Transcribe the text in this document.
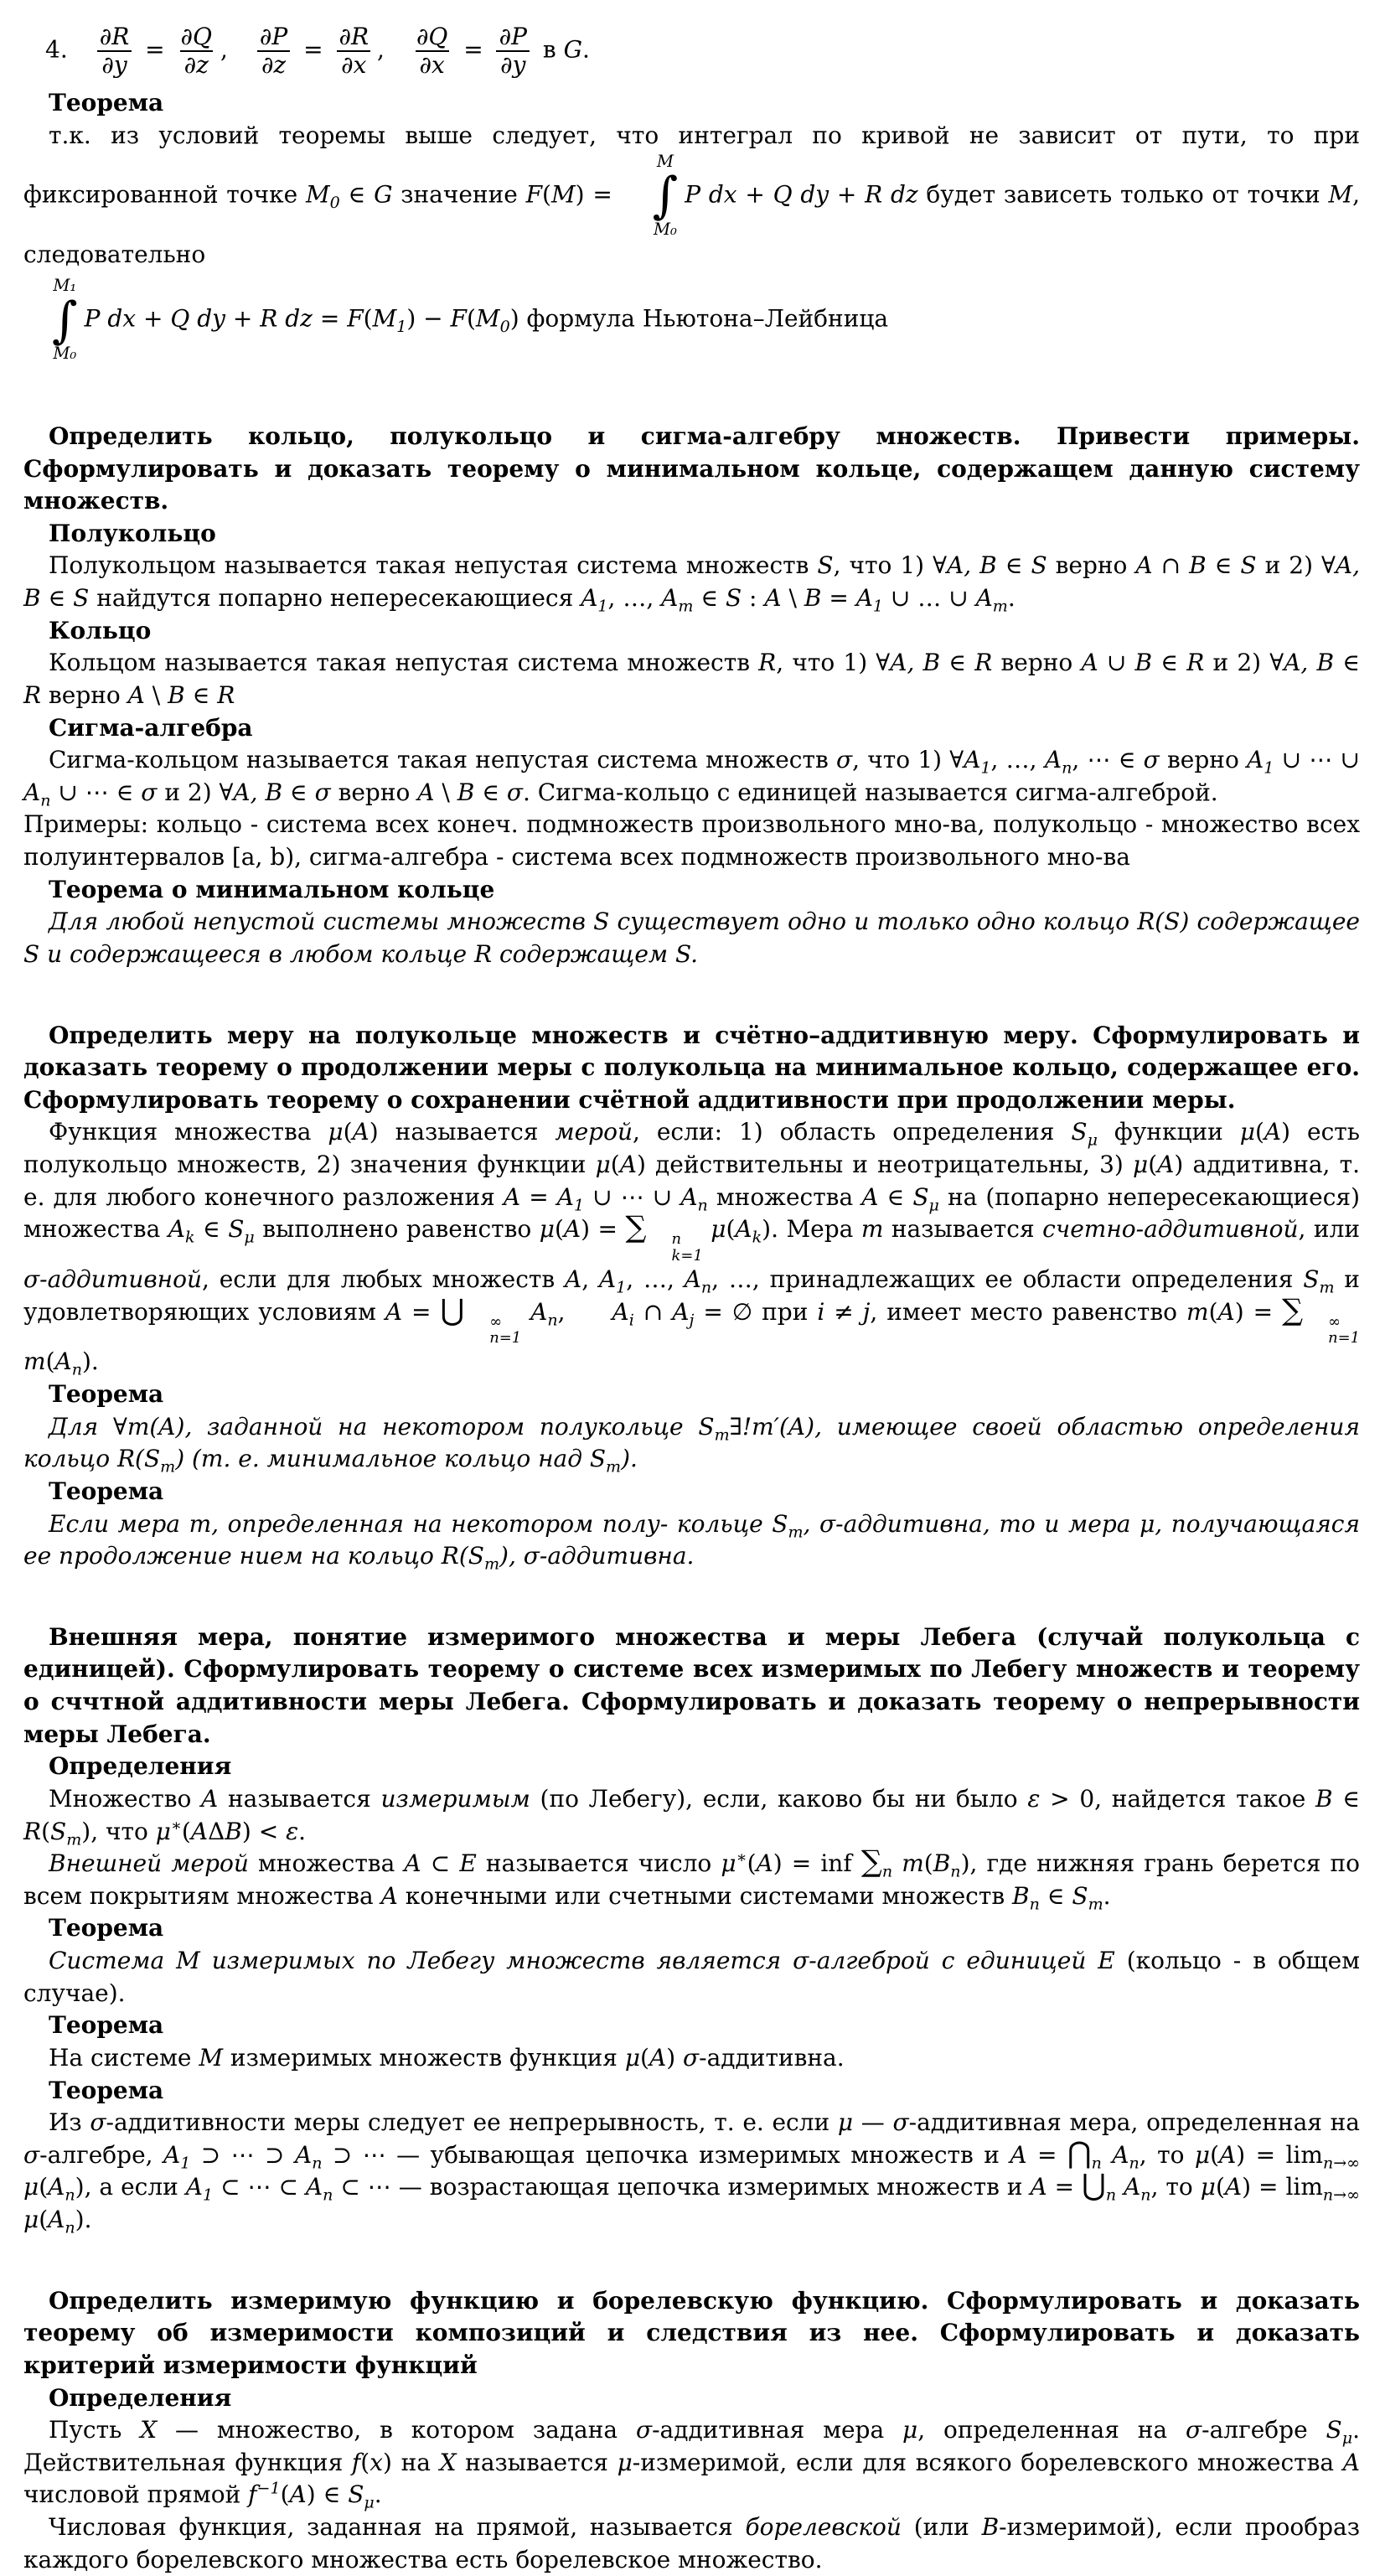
4.   $\frac{\partial R}{\partial y} = \frac{\partial Q}{\partial z}$ ,  $\frac{\partial P}{\partial z} = \frac{\partial R}{\partial x}$ ,  $\frac{\partial Q}{\partial x} = \frac{\partial P}{\partial y}$ в G.
Теорема
т.к. из условий теоремы выше следует, что интеграл по кривой не зависит от пути, то при фиксированной точке $M_0$ ∈ G значение F(M) =
M
∫
M₀
P dx + Q dy + R dz будет зависеть только от точки M, следовательно
M₁
∫
M₀
P dx + Q dy + R dz = $F(M_1) - F(M_0)$ формула Ньютона–Лейбница
Определить кольцо, полукольцо и сигма-алгебру множеств. Привести примеры. Сформулировать и доказать теорему о минимальном кольце, содержащем данную систему множеств.
Полукольцо
Полукольцом называется такая непустая система множеств S, что 1) ∀A, B ∈ S верно A ∩ B ∈ S и 2) ∀A, B ∈ S найдутся попарно непересекающиеся $A_1$, …, $A_m$ ∈ S : A \ $B = A_1$ ∪ … ∪ $A_m$.
Кольцо
Кольцом называется такая непустая система множеств R, что 1) ∀A, B ∈ R верно A ∪ B ∈ R и 2) ∀A, B ∈ R верно A \ B ∈ R
Сигма-алгебра
Сигма-кольцом называется такая непустая система множеств σ, что 1) $\forall A_1$, …, $A_n$, ⋯ ∈ σ верно $A_1$ ∪ ⋯ ∪ $A_n$ ∪ ⋯ ∈ σ и 2) ∀A, B ∈ σ верно A \ B ∈ σ. Сигма-кольцо с единицей называется сигма-алгеброй.
Примеры: кольцо - система всех конеч. подмножеств произвольного мно-ва, полукольцо - множество всех полуинтервалов [a, b), сигма-алгебра - система всех подмножеств произвольного мно-ва
Теорема о минимальном кольце
Для любой непустой системы множеств S существует одно и только одно кольцо R(S) содержащее S и содержащееся в любом кольце R содержащем S.
Определить меру на полукольце множеств и счётно–аддитивную меру. Сформулировать и доказать теорему о продолжении меры с полукольца на минимальное кольцо, содержащее его. Сформулировать теорему о сохранении счётной аддитивности при продолжении меры.
Функция множества μ(A) называется мерой, если: 1) область определения $S_\mu$ функции μ(A) есть полукольцо множеств, 2) значения функции μ(A) действительны и неотрицательны, 3) μ(A) аддитивна, т. е. для любого конечного разложения $A = A_1$ ∪ ⋯ ∪ $A_n$ множества A ∈ $S_\mu$ на (попарно непересекающиеся) множества $A_k$ ∈ $S_\mu$ выполнено равенство μ(A) = ∑	n
k=1
$\mu(A_k)$. Мера m называется счетно-аддитивной, или σ-аддитивной, если для любых множеств A, $A_1$, …, $A_n$, …, принадлежащих ее области определения $S_m$ и удовлетворяющих условиям A = ⋃	∞
n=1
$A_n$,  $A_i$ ∩ $A_j$ = ∅ при i ≠ j, имеет место равенство m(A) = ∑	∞
n=1
$m(A_n)$.
Теорема
Для ∀m(A), заданной на некотором полукольце $S_m\exists!m'(A)$, имеющее своей областью определения кольцо $R(S_m)$ (т. е. минимальное кольцо над $S_m$).
Теорема
Если мера m, определенная на некотором полу- кольце $S_m$, σ-аддитивна, то и мера μ, получающаяся ее продолжение нием на кольцо $R(S_m)$, σ-аддитивна.
Внешняя мера, понятие измеримого множества и меры Лебега (случай полукольца с единицей). Сформулировать теорему о системе всех измеримых по Лебегу множеств и теорему о сччтной аддитивности меры Лебега. Сформулировать и доказать теорему о непрерывности меры Лебега.
Определения
Множество A называется измеримым (по Лебегу), если, каково бы ни было ε > 0, найдется такое B ∈ $R(S_m)$, что μ∗(AΔB) < ε.
Внешней мерой множества A ⊂ E называется число μ∗(A) = inf $\sum_n$ $m(B_n)$, где нижняя грань берется по всем покрытиям множества A конечными или счетными системами множеств $B_n$ ∈ $S_m$.
Теорема
Система M измеримых по Лебегу множеств является σ-алгеброй с единицей E (кольцо - в общем случае).
Теорема
На системе M измеримых множеств функция μ(A) σ-аддитивна.
Теорема
Из σ-аддитивности меры следует ее непрерывность, т. е. если μ — σ-аддитивная мера, определенная на σ-алгебре, $A_1$ ⊃ ⋯ ⊃ $A_n$ ⊃ ⋯ — убывающая цепочка измеримых множеств и $A = ⋂_n$ $A_n$, то $\mu(A) = \lim_{n\to\infty} \mu(A_n)$, а если $A_1$ ⊂ ⋯ ⊂ $A_n$ ⊂ ⋯ — возрастающая цепочка измеримых множеств и $A = ⋃_n$ $A_n$, то $\mu(A) = \lim_{n\to\infty} \mu(A_n)$.
Определить измеримую функцию и борелевскую функцию. Сформулировать и доказать теорему об измеримости композиций и следствия из нее. Сформулировать и доказать критерий измеримости функций
Определения
Пусть X — множество, в котором задана σ-аддитивная мера μ, определенная на σ-алгебре $S_\mu$. Действительная функция f(x) на X называется μ-измеримой, если для всякого борелевского множества A числовой прямой $f^{-1}(A)$ ∈ $S_\mu$.
Числовая функция, заданная на прямой, называется борелевской (или B-измеримой), если прообраз каждого борелевского множества есть борелевское множество.
